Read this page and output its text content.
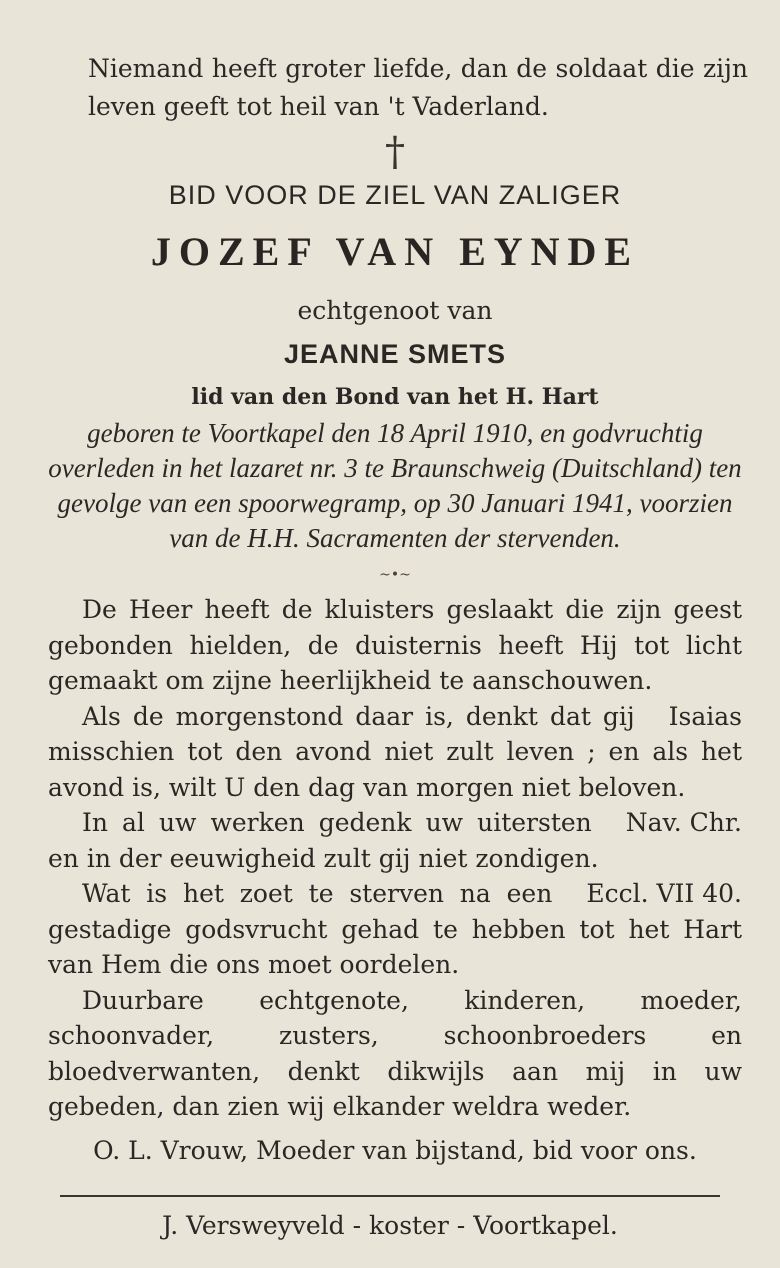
Niemand heeft groter liefde, dan de soldaat die zijn leven geeft tot heil van 't Vaderland.
†
BID VOOR DE ZIEL VAN ZALIGER
JOZEF VAN EYNDE
echtgenoot van
JEANNE SMETS
lid van den Bond van het H. Hart
geboren te Voortkapel den 18 April 1910, en godvruchtig overleden in het lazaret nr. 3 te Braunschweig (Duitschland) ten gevolge van een spoorwegramp, op 30 Januari 1941, voorzien van de H.H. Sacramenten der stervenden.
~•~

De Heer heeft de kluisters geslaakt die zijn geest gebonden hielden, de duisternis heeft Hij tot licht gemaakt om zijne heerlijkheid te aanschouwen.
Isaias

Als de morgenstond daar is, denkt dat gij misschien tot den avond niet zult leven ; en als het avond is, wilt U den dag van morgen niet beloven.
Nav. Chr.

In al uw werken gedenk uw uitersten en in der eeuwigheid zult gij niet zondigen.
Eccl. VII 40.

Wat is het zoet te sterven na een gestadige godsvrucht gehad te hebben tot het Hart van Hem die ons moet oordelen.

Duurbare echtgenote, kinderen, moeder, schoonvader, zusters, schoonbroeders en bloedverwanten, denkt dikwijls aan mij in uw gebeden, dan zien wij elkander weldra weder.

O. L. Vrouw, Moeder van bijstand, bid voor ons.
J. Versweyveld - koster - Voortkapel.
